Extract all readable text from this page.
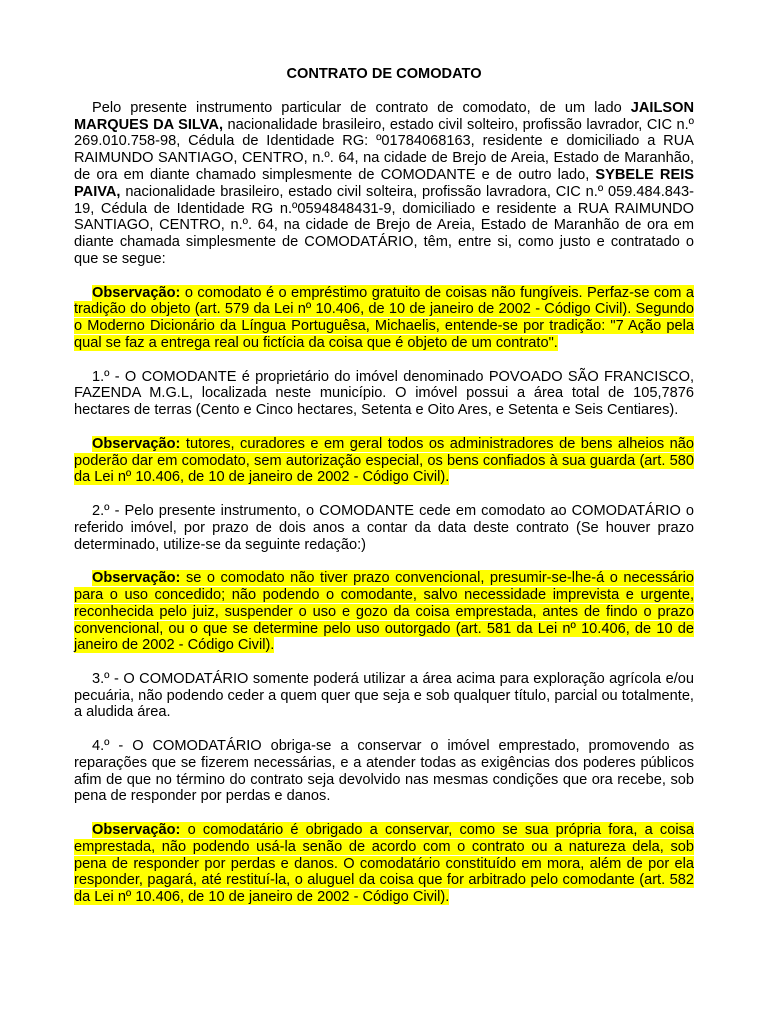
CONTRATO DE COMODATO

Pelo presente instrumento particular de contrato de comodato, de um lado JAILSON MARQUES DA SILVA, nacionalidade brasileiro, estado civil solteiro, profissão lavrador, CIC n.º 269.010.758-98, Cédula de Identidade RG: º01784068163, residente e domiciliado a RUA RAIMUNDO SANTIAGO, CENTRO, n.º. 64, na cidade de Brejo de Areia, Estado de Maranhão, de ora em diante chamado simplesmente de COMODANTE e de outro lado, SYBELE REIS PAIVA, nacionalidade brasileiro, estado civil solteira, profissão lavradora, CIC n.º 059.484.843-19, Cédula de Identidade RG n.º0594848431-9, domiciliado e residente a RUA RAIMUNDO SANTIAGO, CENTRO, n.º. 64, na cidade de Brejo de Areia, Estado de Maranhão de ora em diante chamada simplesmente de COMODATÁRIO, têm, entre si, como justo e contratado o que se segue:

Observação: o comodato é o empréstimo gratuito de coisas não fungíveis. Perfaz-se com a tradição do objeto (art. 579 da Lei nº 10.406, de 10 de janeiro de 2002 - Código Civil). Segundo o Moderno Dicionário da Língua Portuguêsa, Michaelis, entende-se por tradição: "7 Ação pela qual se faz a entrega real ou fictícia da coisa que é objeto de um contrato".

1.º - O COMODANTE é proprietário do imóvel denominado POVOADO SÃO FRANCISCO, FAZENDA M.G.L, localizada neste município. O imóvel possui a área total de 105,7876 hectares de terras (Cento e Cinco hectares, Setenta e Oito Ares, e Setenta e Seis Centiares).

Observação: tutores, curadores e em geral todos os administradores de bens alheios não poderão dar em comodato, sem autorização especial, os bens confiados à sua guarda (art. 580 da Lei nº 10.406, de 10 de janeiro de 2002 - Código Civil).

2.º - Pelo presente instrumento, o COMODANTE cede em comodato ao COMODATÁRIO o referido imóvel, por prazo de dois anos a contar da data deste contrato (Se houver prazo determinado, utilize-se da seguinte redação:)

Observação: se o comodato não tiver prazo convencional, presumir-se-lhe-á o necessário para o uso concedido; não podendo o comodante, salvo necessidade imprevista e urgente, reconhecida pelo juiz, suspender o uso e gozo da coisa emprestada, antes de findo o prazo convencional, ou o que se determine pelo uso outorgado (art. 581 da Lei nº 10.406, de 10 de janeiro de 2002 - Código Civil).

3.º - O COMODATÁRIO somente poderá utilizar a área acima para exploração agrícola e/ou pecuária, não podendo ceder a quem quer que seja e sob qualquer título, parcial ou totalmente, a aludida área.

4.º - O COMODATÁRIO obriga-se a conservar o imóvel emprestado, promovendo as reparações que se fizerem necessárias, e a atender todas as exigências dos poderes públicos afim de que no término do contrato seja devolvido nas mesmas condições que ora recebe, sob pena de responder por perdas e danos.

Observação: o comodatário é obrigado a conservar, como se sua própria fora, a coisa emprestada, não podendo usá-la senão de acordo com o contrato ou a natureza dela, sob pena de responder por perdas e danos. O comodatário constituído em mora, além de por ela responder, pagará, até restituí-la, o aluguel da coisa que for arbitrado pelo comodante (art. 582 da Lei nº 10.406, de 10 de janeiro de 2002 - Código Civil).
